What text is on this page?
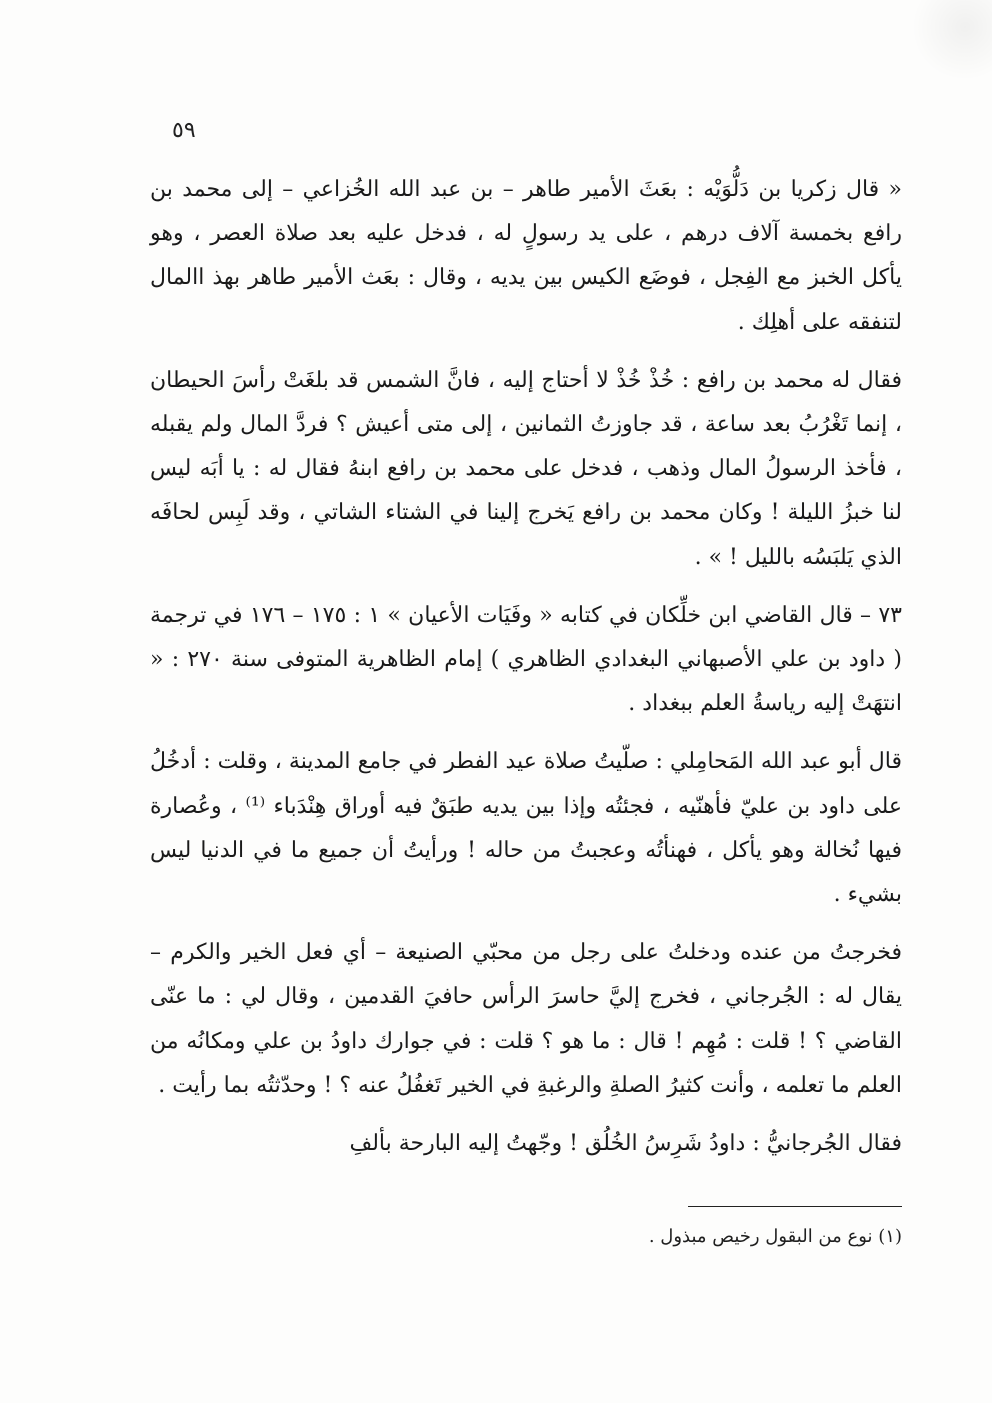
٥٩

« قال زكريا بن دَلُّوَيْه : بعَثَ الأمير طاهر – بن عبد الله الخُزاعي – إلى محمد بن رافع بخمسة آلاف درهم ، على يد رسولٍ له ، فدخل عليه بعد صلاة العصر ، وهو يأكل الخبز مع الفِجل ، فوضَع الكيس بين يديه ، وقال : بعَث الأمير طاهر بهذ االمال لتنفقه على أهلِك .

فقال له محمد بن رافع : خُذْ خُذْ لا أحتاج إليه ، فانَّ الشمس قد بلغَتْ رأسَ الحيطان ، إنما تَغْرُبُ بعد ساعة ، قد جاوزتُ الثمانين ، إلى متى أعيش ؟ فردَّ المال ولم يقبله ، فأخذ الرسولُ المال وذهب ، فدخل على محمد بن رافع ابنهُ فقال له : يا أبَه ليس لنا خبزُ الليلة ! وكان محمد بن رافع يَخرج إلينا في الشتاء الشاتي ، وقد لَبِس لحافَه الذي يَلبَسُه بالليل ! » .

٧٣ – قال القاضي ابن خلِّكان في كتابه « وفَيَات الأعيان » ١ : ١٧٥ – ١٧٦ في ترجمة ( داود بن علي الأصبهاني البغدادي الظاهري ) إمام الظاهرية المتوفى سنة ٢٧٠ : « انتهَتْ إليه رياسةُ العلم ببغداد .

قال أبو عبد الله المَحامِلي : صلّيتُ صلاة عيد الفطر في جامع المدينة ، وقلت : أدخُلُ على داود بن عليّ فأهنّيه ، فجئتُه وإذا بين يديه طبَقٌ فيه أوراق هِنْدَباء ⁽¹⁾ ، وعُصارة فيها نُخالة وهو يأكل ، فهنأتُه وعجبتُ من حاله ! ورأيتُ أن جميع ما في الدنيا ليس بشيء .

فخرجتُ من عنده ودخلتُ على رجل من محبّي الصنيعة – أي فعل الخير والكرم – يقال له : الجُرجاني ، فخرج إليَّ حاسرَ الرأس حافيَ القدمين ، وقال لي : ما عنّى القاضي ؟ ! قلت : مُهِم ! قال : ما هو ؟ قلت : في جوارك داودُ بن علي ومكانُه من العلم ما تعلمه ، وأنت كثيرُ الصلةِ والرغبةِ في الخير تَغفُلُ عنه ؟ ! وحدّثتُه بما رأيت .

فقال الجُرجانيُّ : داودُ شَرِسُ الخُلُق ! وجّهتُ إليه البارحة بألفِ

(١) نوع من البقول رخيص مبذول .
